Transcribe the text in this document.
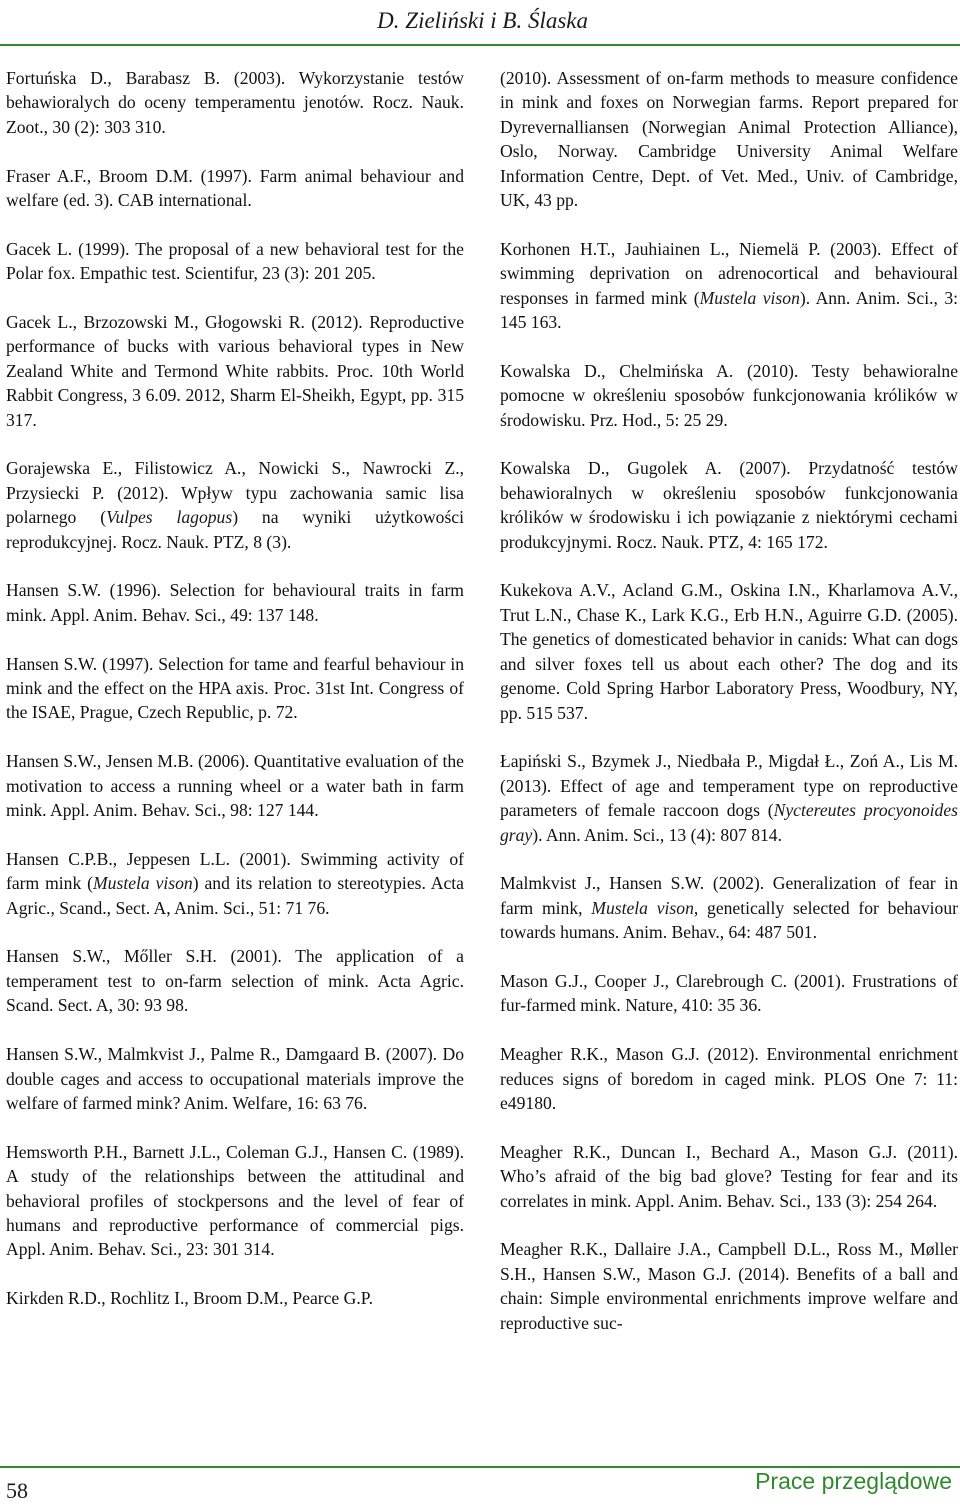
D. Zieliński i B. Ślaska

Fortuńska D., Barabasz B. (2003). Wykorzystanie testów behawioralych do oceny temperamentu jenotów. Rocz. Nauk. Zoot., 30 (2): 303 310.

Fraser A.F., Broom D.M. (1997). Farm animal behaviour and welfare (ed. 3). CAB international.

Gacek L. (1999). The proposal of a new behavioral test for the Polar fox. Empathic test. Scientifur, 23 (3): 201 205.

Gacek L., Brzozowski M., Głogowski R. (2012). Reproductive performance of bucks with various behavioral types in New Zealand White and Termond White rabbits. Proc. 10th World Rabbit Congress, 3 6.09. 2012, Sharm El-Sheikh, Egypt, pp. 315 317.

Gorajewska E., Filistowicz A., Nowicki S., Nawrocki Z., Przysiecki P. (2012). Wpływ typu zachowania samic lisa polarnego (Vulpes lagopus) na wyniki użytkowości reprodukcyjnej. Rocz. Nauk. PTZ, 8 (3).

Hansen S.W. (1996). Selection for behavioural traits in farm mink. Appl. Anim. Behav. Sci., 49: 137 148.

Hansen S.W. (1997). Selection for tame and fearful behaviour in mink and the effect on the HPA axis. Proc. 31st Int. Congress of the ISAE, Prague, Czech Republic, p. 72.

Hansen S.W., Jensen M.B. (2006). Quantitative evaluation of the motivation to access a running wheel or a water bath in farm mink. Appl. Anim. Behav. Sci., 98: 127 144.

Hansen C.P.B., Jeppesen L.L. (2001). Swimming activity of farm mink (Mustela vison) and its relation to stereotypies. Acta Agric., Scand., Sect. A, Anim. Sci., 51: 71 76.

Hansen S.W., Mőller S.H. (2001). The application of a temperament test to on-farm selection of mink. Acta Agric. Scand. Sect. A, 30: 93 98.

Hansen S.W., Malmkvist J., Palme R., Damgaard B. (2007). Do double cages and access to occupational materials improve the welfare of farmed mink? Anim. Welfare, 16: 63 76.

Hemsworth P.H., Barnett J.L., Coleman G.J., Hansen C. (1989). A study of the relationships between the attitudinal and behavioral profiles of stockpersons and the level of fear of humans and reproductive performance of commercial pigs. Appl. Anim. Behav. Sci., 23: 301 314.

Kirkden R.D., Rochlitz I., Broom D.M., Pearce G.P.

(2010). Assessment of on-farm methods to measure confidence in mink and foxes on Norwegian farms. Report prepared for Dyrevernalliansen (Norwegian Animal Protection Alliance), Oslo, Norway. Cambridge University Animal Welfare Information Centre, Dept. of Vet. Med., Univ. of Cambridge, UK, 43 pp.

Korhonen H.T., Jauhiainen L., Niemelä P. (2003). Effect of swimming deprivation on adrenocortical and behavioural responses in farmed mink (Mustela vison). Ann. Anim. Sci., 3: 145 163.

Kowalska D., Chelmińska A. (2010). Testy behawioralne pomocne w określeniu sposobów funkcjonowania królików w środowisku. Prz. Hod., 5: 25 29.

Kowalska D., Gugolek A. (2007). Przydatność testów behawioralnych w określeniu sposobów funkcjonowania królików w środowisku i ich powiązanie z niektórymi cechami produkcyjnymi. Rocz. Nauk. PTZ, 4: 165 172.

Kukekova A.V., Acland G.M., Oskina I.N., Kharlamova A.V., Trut L.N., Chase K., Lark K.G., Erb H.N., Aguirre G.D. (2005). The genetics of domesticated behavior in canids: What can dogs and silver foxes tell us about each other? The dog and its genome. Cold Spring Harbor Laboratory Press, Woodbury, NY, pp. 515 537.

Łapiński S., Bzymek J., Niedbała P., Migdał Ł., Zoń A., Lis M. (2013). Effect of age and temperament type on reproductive parameters of female raccoon dogs (Nyctereutes procyonoides gray). Ann. Anim. Sci., 13 (4): 807 814.

Malmkvist J., Hansen S.W. (2002). Generalization of fear in farm mink, Mustela vison, genetically selected for behaviour towards humans. Anim. Behav., 64: 487 501.

Mason G.J., Cooper J., Clarebrough C. (2001). Frustrations of fur-farmed mink. Nature, 410: 35 36.

Meagher R.K., Mason G.J. (2012). Environmental enrichment reduces signs of boredom in caged mink. PLOS One 7: 11: e49180.

Meagher R.K., Duncan I., Bechard A., Mason G.J. (2011). Who’s afraid of the big bad glove? Testing for fear and its correlates in mink. Appl. Anim. Behav. Sci., 133 (3): 254 264.

Meagher R.K., Dallaire J.A., Campbell D.L., Ross M., Møller S.H., Hansen S.W., Mason G.J. (2014). Benefits of a ball and chain: Simple environmental enrichments improve welfare and reproductive suc-

58	Prace przeglądowe
